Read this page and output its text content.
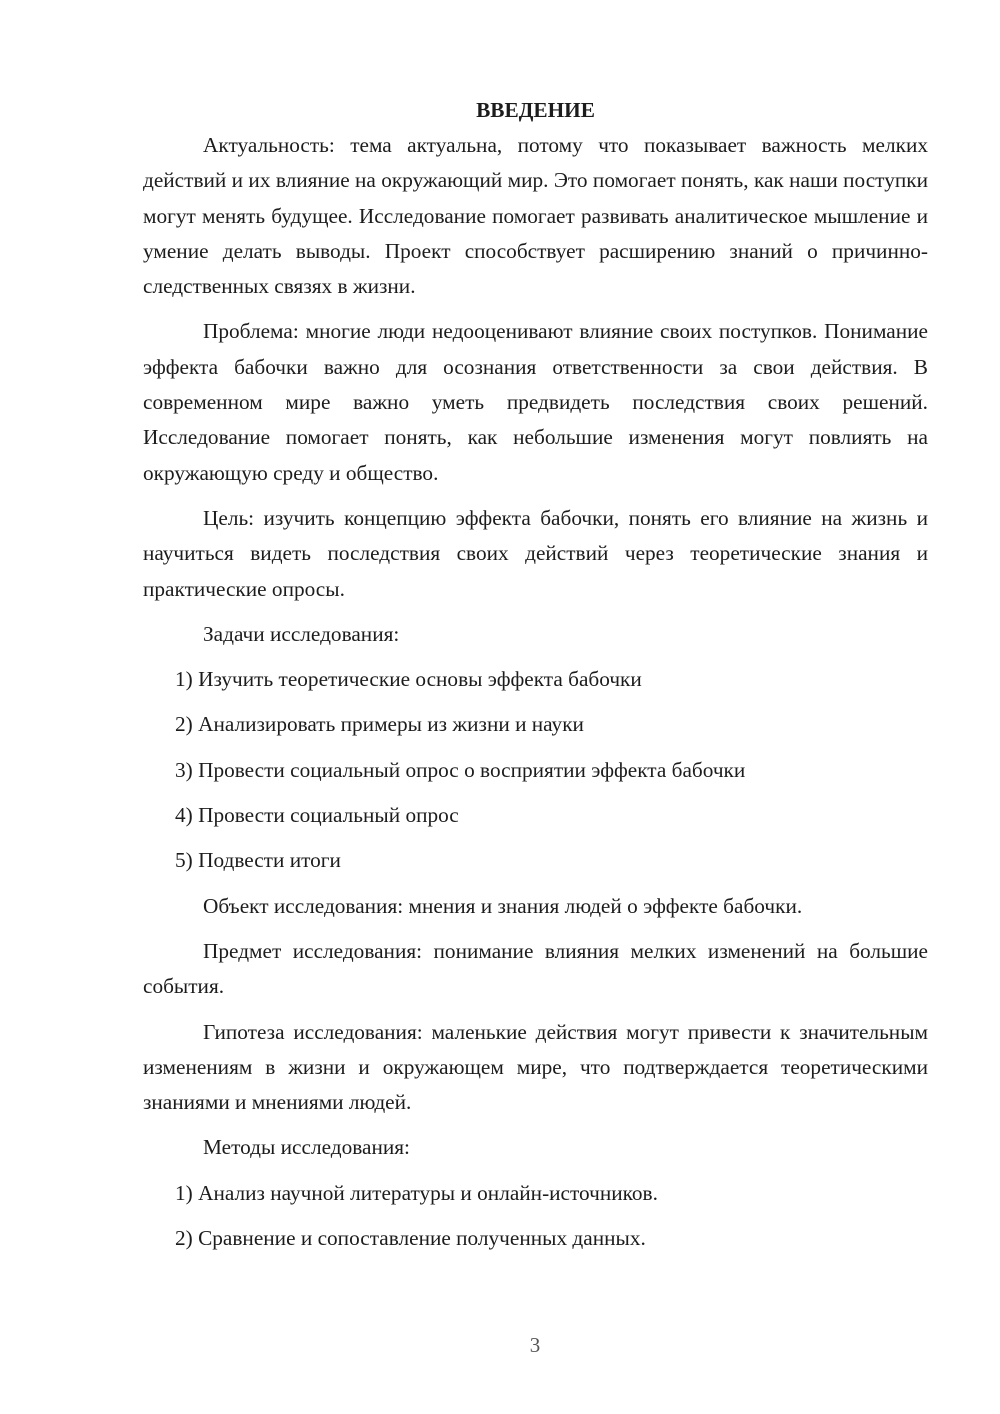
ВВЕДЕНИЕ

Актуальность: тема актуальна, потому что показывает важность мелких действий и их влияние на окружающий мир. Это помогает понять, как наши поступки могут менять будущее. Исследование помогает развивать аналитическое мышление и умение делать выводы. Проект способствует расширению знаний о причинно-следственных связях в жизни.

Проблема: многие люди недооценивают влияние своих поступков. Понимание эффекта бабочки важно для осознания ответственности за свои действия. В современном мире важно уметь предвидеть последствия своих решений. Исследование помогает понять, как небольшие изменения могут повлиять на окружающую среду и общество.

Цель: изучить концепцию эффекта бабочки, понять его влияние на жизнь и научиться видеть последствия своих действий через теоретические знания и практические опросы.

Задачи исследования:

1) Изучить теоретические основы эффекта бабочки

2) Анализировать примеры из жизни и науки

3) Провести социальный опрос о восприятии эффекта бабочки

4) Провести социальный опрос

5) Подвести итоги

Объект исследования: мнения и знания людей о эффекте бабочки.

Предмет исследования: понимание влияния мелких изменений на большие события.

Гипотеза исследования: маленькие действия могут привести к значительным изменениям в жизни и окружающем мире, что подтверждается теоретическими знаниями и мнениями людей.

Методы исследования:

1) Анализ научной литературы и онлайн-источников.

2) Сравнение и сопоставление полученных данных.

3
